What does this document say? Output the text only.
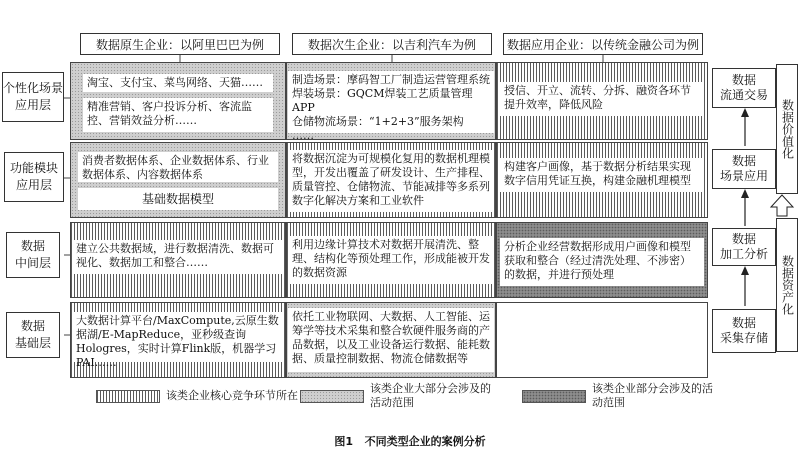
数据原生企业：以阿里巴巴为例	数据次生企业：以吉利汽车为例	数据应用企业：以传统金融公司为例
个性化场景
应用层
功能模块
应用层
数据
中间层
数据
基础层
淘宝、支付宝、菜鸟网络、天猫……
精准营销、客户投诉分析、客流监控、营销效益分析……
制造场景：摩码智工厂制造运营管理系统
焊装场景：GQCM焊装工艺质量管理APP
仓储物流场景：“1+2+3”服务架构
……
授信、开立、流转、分拆、融资各环节提升效率，降低风险
消费者数据体系、企业数据体系、行业数据体系、内容数据体系
基础数据模型
将数据沉淀为可规模化复用的数据机理模型，开发出覆盖了研发设计、生产排程、质量管控、仓储物流、节能减排等多系列数字化解决方案和工业软件
构建客户画像，基于数据分析结果实现数字信用凭证互换，构建金融机理模型
建立公共数据域，进行数据清洗、数据可视化、数据加工和整合……
利用边缘计算技术对数据开展清洗、整理、结构化等预处理工作，形成能被开发的数据资源
分析企业经营数据形成用户画像和模型获取和整合（经过清洗处理、不涉密）的数据，并进行预处理
大数据计算平台/MaxCompute,云原生数据湖/E-MapReduce，亚秒级查询Hologres，实时计算Flink版，机器学习PAI……
依托工业物联网、大数据、人工智能、运筹学等技术采集和整合软硬件服务商的产品数据，以及工业设备运行数据、能耗数据、质量控制数据、物流仓储数据等
数据
流通交易
数据
场景应用
数据
加工分析
数据
采集存储
数据价值化
数据资产化
该类企业核心竞争环节所在
该类企业大部分会涉及的活动范围
该类企业部分会涉及的活动范围
图1   不同类型企业的案例分析
